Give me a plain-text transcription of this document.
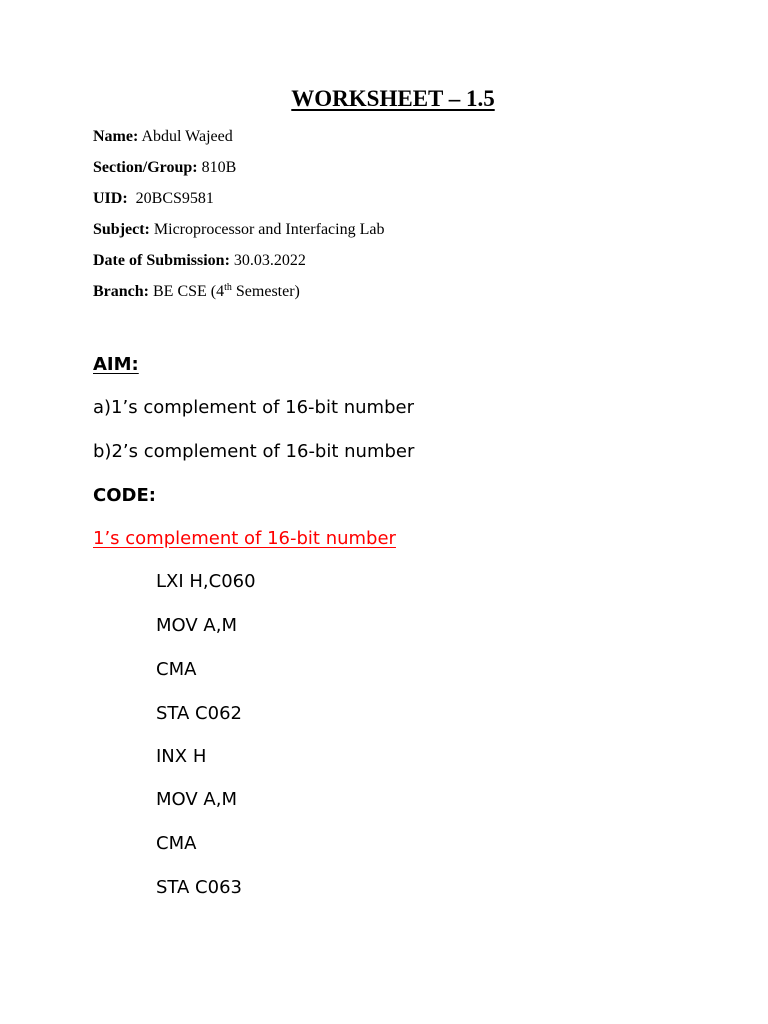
WORKSHEET – 1.5
Name: Abdul Wajeed
Section/Group: 810B
UID: 20BCS9581
Subject: Microprocessor and Interfacing Lab
Date of Submission: 30.03.2022
Branch: BE CSE (4th Semester)
AIM:
a)1’s complement of 16-bit number
b)2’s complement of 16-bit number
CODE:
1’s complement of 16-bit number
LXI H,C060
MOV A,M
CMA
STA C062
INX H
MOV A,M
CMA
STA C063
